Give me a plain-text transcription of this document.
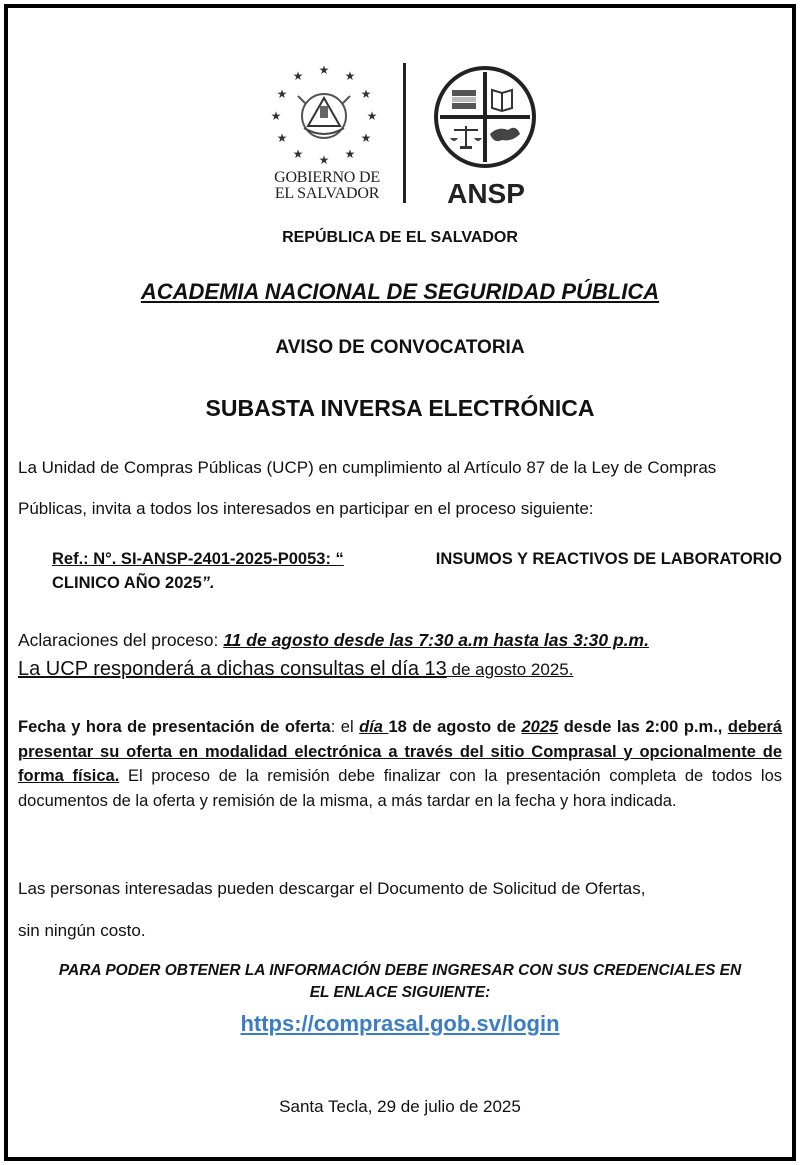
★ ★
★
★
★
★
★
★
★
★
★
★
GOBIERNO DE
EL SALVADOR	ANSP
REPÚBLICA DE EL SALVADOR
ACADEMIA NACIONAL DE SEGURIDAD PÚBLICA
AVISO DE CONVOCATORIA
SUBASTA INVERSA ELECTRÓNICA
La Unidad de Compras Públicas (UCP) en cumplimiento al Artículo 87 de la Ley de Compras
Públicas, invita a todos los interesados en participar en el proceso siguiente:
Ref.: N°. SI-ANSP-2401-2025-P0053: “	INSUMOS Y REACTIVOS DE LABORATORIO
CLINICO AÑO 2025”.
Aclaraciones del proceso: 11 de agosto desde las 7:30 a.m hasta las 3:30 p.m.
La UCP responderá a dichas consultas el día 13 de agosto 2025.
Fecha y hora de presentación de oferta: el día 18 de agosto de 2025 desde las 2:00 p.m., deberá presentar su oferta en modalidad electrónica a través del sitio Comprasal y opcionalmente de forma física. El proceso de la remisión debe finalizar con la presentación completa de todos los documentos de la oferta y remisión de la misma, a más tardar en la fecha y hora indicada.
Las personas interesadas pueden descargar el Documento de Solicitud de Ofertas,
sin ningún costo.
PARA PODER OBTENER LA INFORMACIÓN DEBE INGRESAR CON SUS CREDENCIALES EN
EL ENLACE SIGUIENTE:
https://comprasal.gob.sv/login
Santa Tecla, 29 de julio de 2025
